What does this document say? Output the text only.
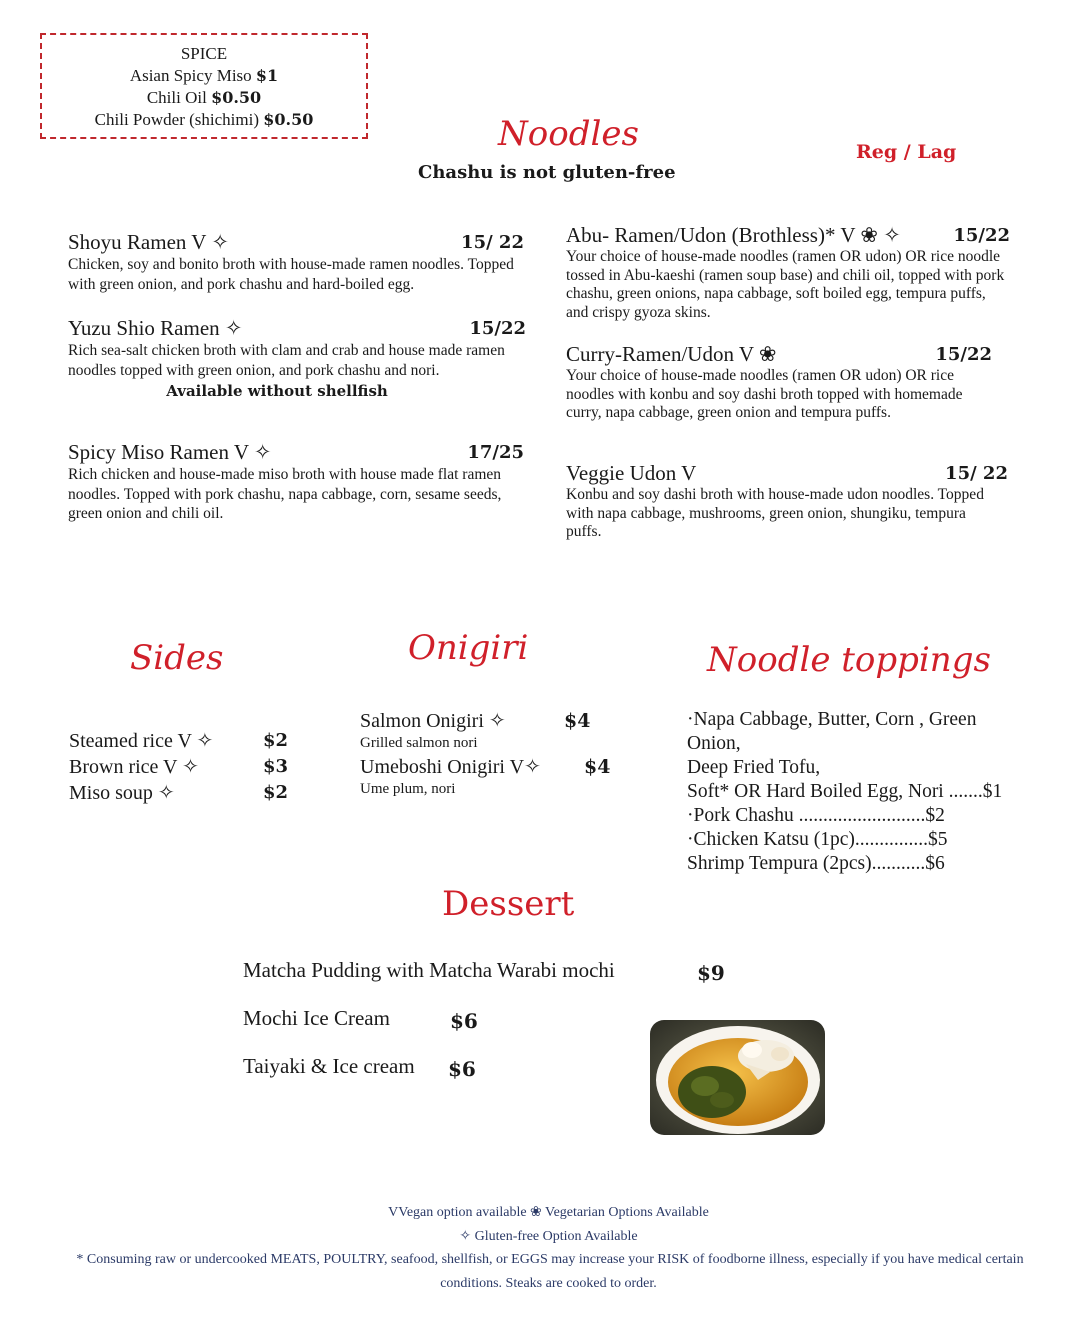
SPICE
Asian Spicy Miso $1
Chili Oil $0.50
Chili Powder (shichimi) $0.50	Noodles
Chashu is not gluten-free
Reg / Lag
Shoyu Ramen V ✧	15/ 22
Chicken, soy and bonito broth with house-made ramen noodles. Topped with green onion, and pork chashu and hard-boiled egg.
Yuzu Shio Ramen ✧	15/22
Rich sea-salt chicken broth with clam and crab and house made ramen noodles topped with green onion, and pork chashu and nori.
Available without shellfish
Spicy Miso Ramen V ✧	17/25
Rich chicken and house-made miso broth with house made flat ramen noodles. Topped with pork chashu, napa cabbage, corn, sesame seeds, green onion and chili oil.
Abu- Ramen/Udon (Brothless)* V ❀ ✧	15/22
Your choice of house-made noodles (ramen OR udon) OR rice noodle tossed in Abu-kaeshi (ramen soup base) and chili oil, topped with pork chashu, green onions, napa cabbage, soft boiled egg, tempura puffs, and crispy gyoza skins.
Curry-Ramen/Udon V ❀	15/22
Your choice of house-made noodles (ramen OR udon) OR rice noodles with konbu and soy dashi broth topped with homemade curry, napa cabbage, green onion and tempura puffs.
Veggie Udon V	15/ 22
Konbu and soy dashi broth with house-made udon noodles. Topped with napa cabbage, mushrooms, green onion, shungiku, tempura puffs.
Sides
Steamed rice V ✧	$2
Brown rice V ✧	$3
Miso soup ✧	$2
Onigiri
Salmon Onigiri ✧	$4
Grilled salmon nori
Umeboshi Onigiri V✧ $4
Ume plum, nori
Noodle toppings
·Napa Cabbage, Butter, Corn , Green
Onion,
Deep Fried Tofu,
Soft* OR Hard Boiled Egg, Nori .......$1
·Pork Chashu ..........................$2
·Chicken Katsu (1pc)...............$5
Shrimp Tempura (2pcs)...........$6
Dessert
Matcha Pudding with Matcha Warabi mochi	$9
Mochi Ice Cream	$6
Taiyaki & Ice cream $6
VVegan option available ❀ Vegetarian Options Available
✧ Gluten-free Option Available
* Consuming raw or undercooked MEATS, POULTRY, seafood, shellfish, or EGGS may increase your RISK of foodborne illness, especially if you have medical certain
conditions. Steaks are cooked to order.
